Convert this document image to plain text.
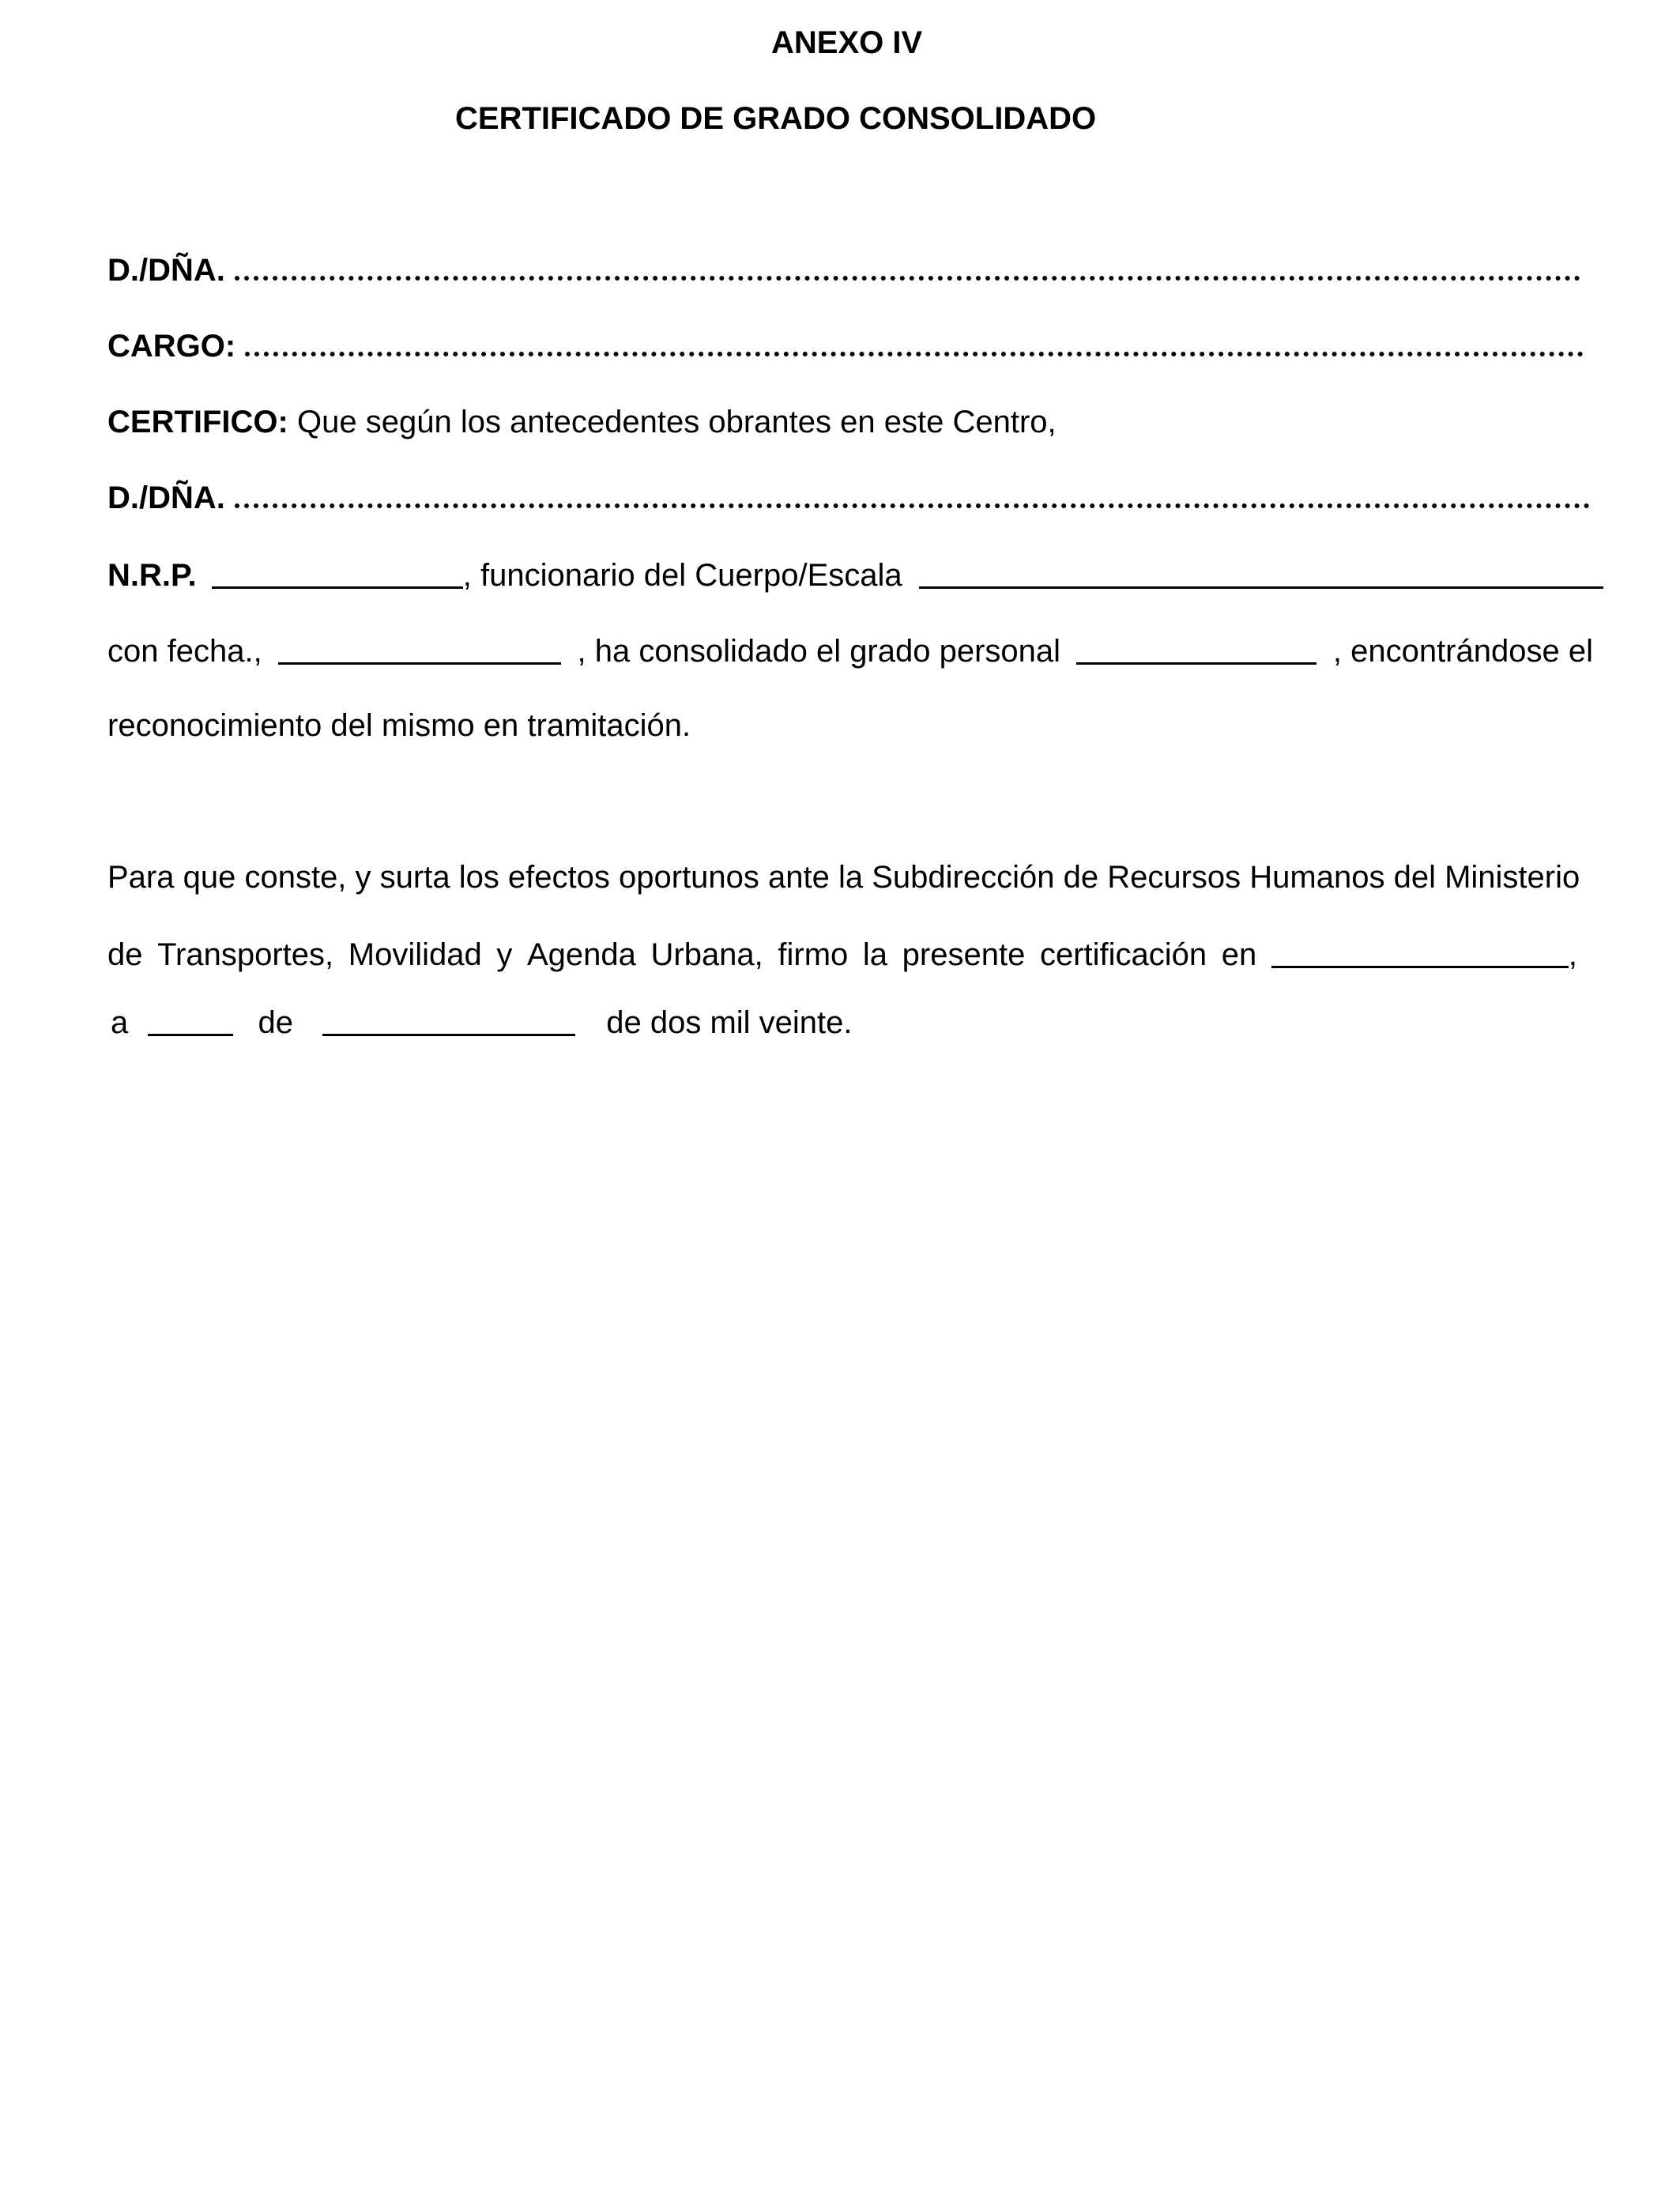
ANEXO IV
CERTIFICADO DE GRADO CONSOLIDADO
D./DÑA.
CARGO:
CERTIFICO: Que según los antecedentes obrantes en este Centro,
D./DÑA.
N.R.P.	, funcionario del Cuerpo/Escala
con fecha.,	, ha consolidado el grado personal	, encontrándose el
reconocimiento del mismo en tramitación.
Para que conste, y surta los efectos oportunos ante la Subdirección de Recursos Humanos del Ministerio
de Transportes, Movilidad y Agenda Urbana, firmo la presente certificación en	,
a	de	de dos mil veinte.
